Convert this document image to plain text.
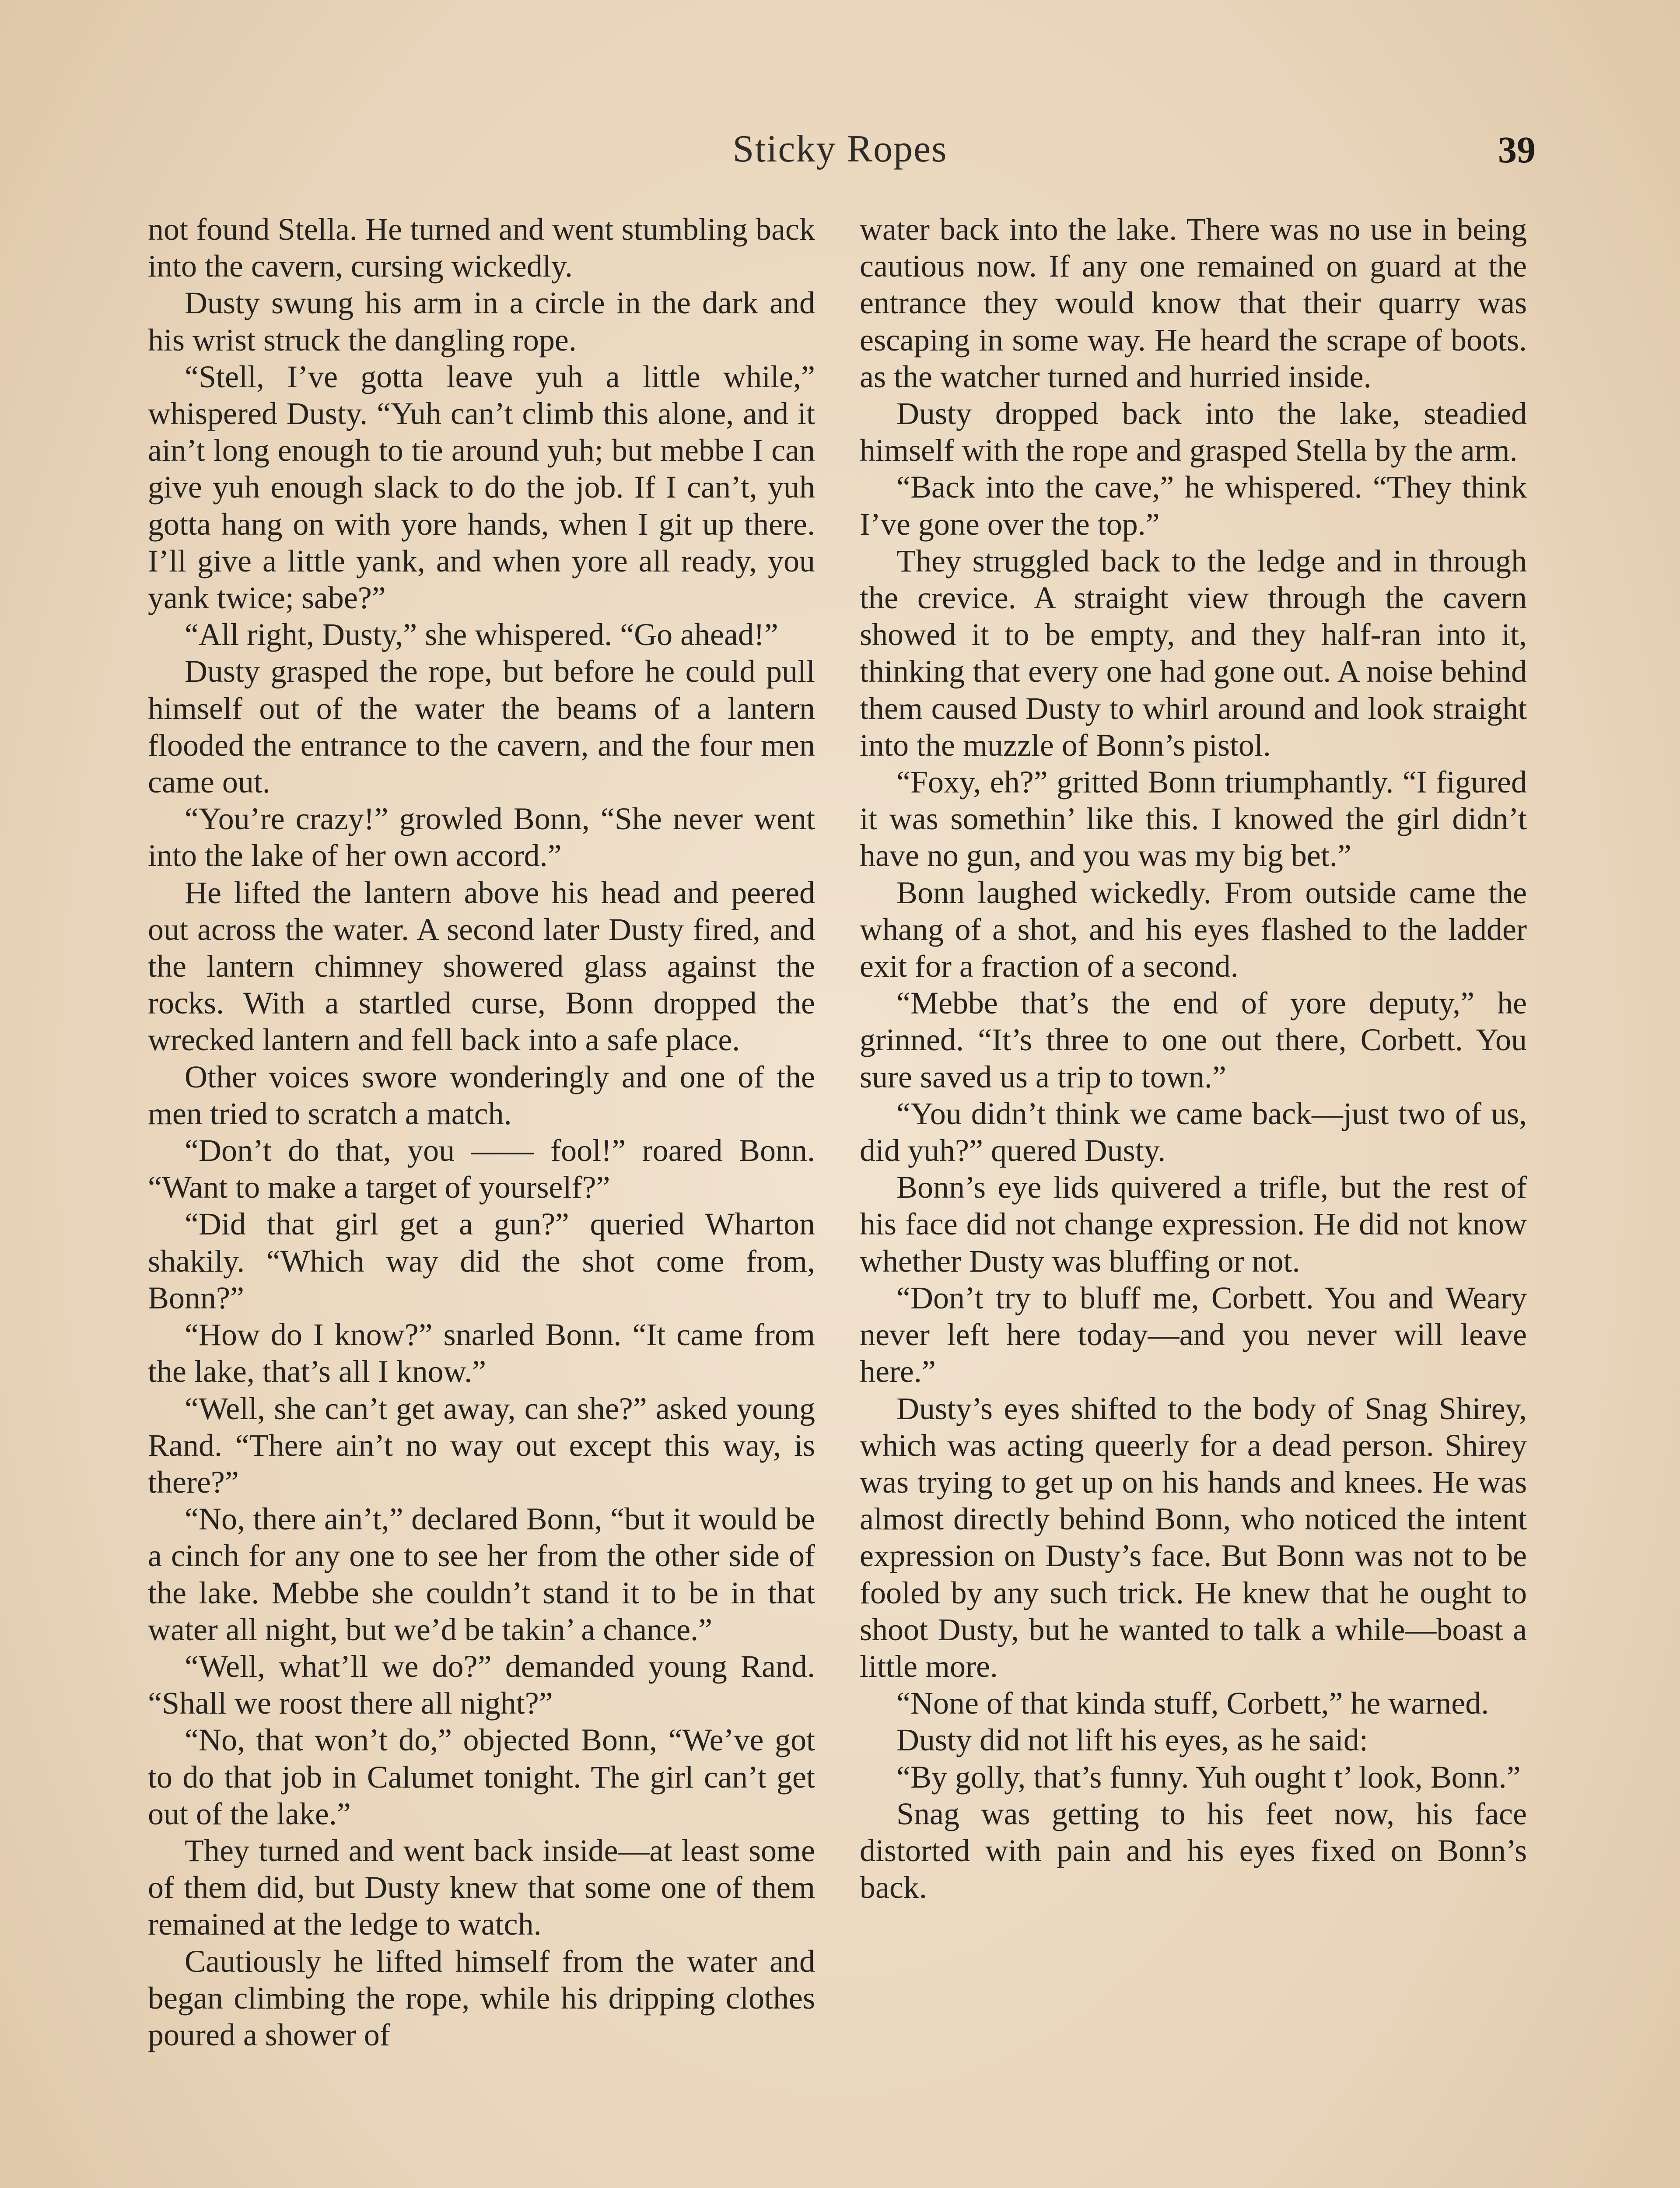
Sticky Ropes	39

not found Stella. He turned and went stumbling back into the cavern, cursing wickedly.

Dusty swung his arm in a circle in the dark and his wrist struck the dangling rope.

“Stell, I’ve gotta leave yuh a little while,” whispered Dusty. “Yuh can’t climb this alone, and it ain’t long enough to tie around yuh; but mebbe I can give yuh enough slack to do the job. If I can’t, yuh gotta hang on with yore hands, when I git up there. I’ll give a little yank, and when yore all ready, you yank twice; sabe?”

“All right, Dusty,” she whispered. “Go ahead!”

Dusty grasped the rope, but before he could pull himself out of the water the beams of a lantern flooded the entrance to the cavern, and the four men came out.

“You’re crazy!” growled Bonn, “She never went into the lake of her own accord.”

He lifted the lantern above his head and peered out across the water. A second later Dusty fired, and the lantern chimney showered glass against the rocks. With a startled curse, Bonn dropped the wrecked lantern and fell back into a safe place.

Other voices swore wonderingly and one of the men tried to scratch a match.

“Don’t do that, you —— fool!” roared Bonn. “Want to make a target of yourself?”

“Did that girl get a gun?” queried Wharton shakily. “Which way did the shot come from, Bonn?”

“How do I know?” snarled Bonn. “It came from the lake, that’s all I know.”

“Well, she can’t get away, can she?” asked young Rand. “There ain’t no way out except this way, is there?”

“No, there ain’t,” declared Bonn, “but it would be a cinch for any one to see her from the other side of the lake. Mebbe she couldn’t stand it to be in that water all night, but we’d be takin’ a chance.”

“Well, what’ll we do?” demanded young Rand. “Shall we roost there all night?”

“No, that won’t do,” objected Bonn, “We’ve got to do that job in Calumet tonight. The girl can’t get out of the lake.”

They turned and went back inside—at least some of them did, but Dusty knew that some one of them remained at the ledge to watch.

Cautiously he lifted himself from the water and began climbing the rope, while his dripping clothes poured a shower of

water back into the lake. There was no use in being cautious now. If any one remained on guard at the entrance they would know that their quarry was escaping in some way. He heard the scrape of boots. as the watcher turned and hurried inside.

Dusty dropped back into the lake, steadied himself with the rope and grasped Stella by the arm.

“Back into the cave,” he whispered. “They think I’ve gone over the top.”

They struggled back to the ledge and in through the crevice. A straight view through the cavern showed it to be empty, and they half-ran into it, thinking that every one had gone out. A noise behind them caused Dusty to whirl around and look straight into the muzzle of Bonn’s pistol.

“Foxy, eh?” gritted Bonn triumphantly. “I figured it was somethin’ like this. I knowed the girl didn’t have no gun, and you was my big bet.”

Bonn laughed wickedly. From outside came the whang of a shot, and his eyes flashed to the ladder exit for a fraction of a second.

“Mebbe that’s the end of yore deputy,” he grinned. “It’s three to one out there, Corbett. You sure saved us a trip to town.”

“You didn’t think we came back—just two of us, did yuh?” quered Dusty.

Bonn’s eye lids quivered a trifle, but the rest of his face did not change expression. He did not know whether Dusty was bluffing or not.

“Don’t try to bluff me, Corbett. You and Weary never left here today—and you never will leave here.”

Dusty’s eyes shifted to the body of Snag Shirey, which was acting queerly for a dead person. Shirey was trying to get up on his hands and knees. He was almost directly behind Bonn, who noticed the intent expression on Dusty’s face. But Bonn was not to be fooled by any such trick. He knew that he ought to shoot Dusty, but he wanted to talk a while—boast a little more.

“None of that kinda stuff, Corbett,” he warned.

Dusty did not lift his eyes, as he said:

“By golly, that’s funny. Yuh ought t’ look, Bonn.”

Snag was getting to his feet now, his face distorted with pain and his eyes fixed on Bonn’s back.
